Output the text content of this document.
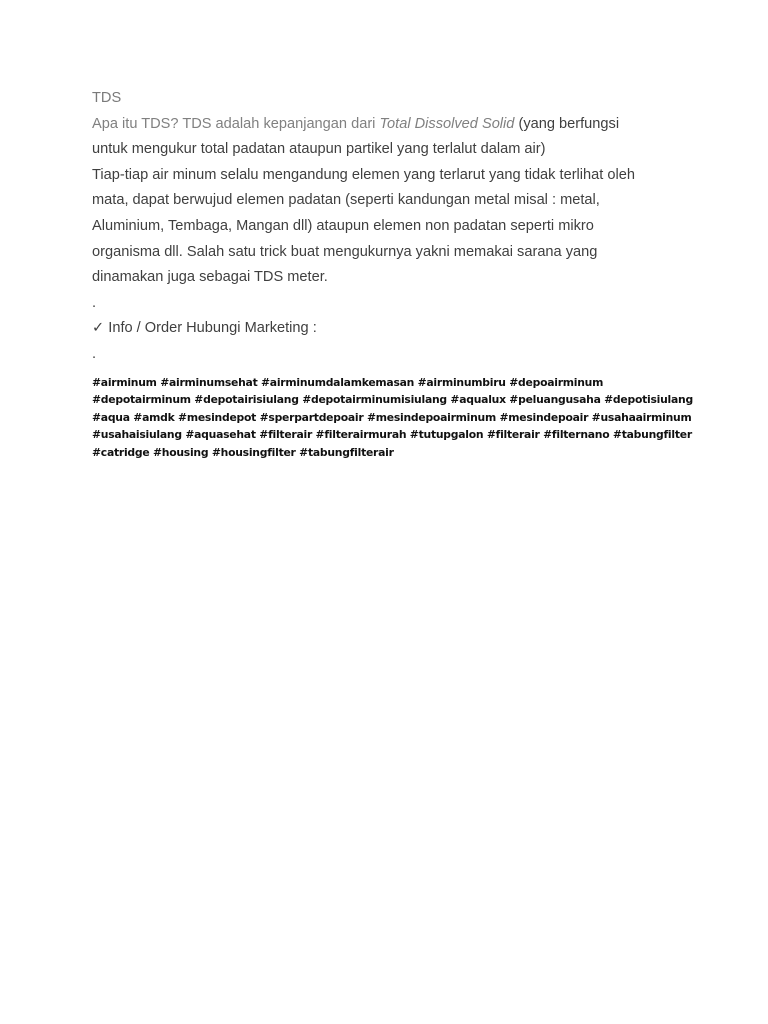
TDS

Apa itu TDS? TDS adalah kepanjangan dari Total Dissolved Solid (yang berfungsi

untuk mengukur total padatan ataupun partikel yang terlalut dalam air)

Tiap-tiap air minum selalu mengandung elemen yang terlarut yang tidak terlihat oleh

mata, dapat berwujud elemen padatan (seperti kandungan metal misal : metal,

Aluminium, Tembaga, Mangan dll) ataupun elemen non padatan seperti mikro

organisma dll. Salah satu trick buat mengukurnya yakni memakai sarana yang

dinamakan juga sebagai TDS meter.

.

✓ Info / Order Hubungi Marketing :

.

#airminum #airminumsehat #airminumdalamkemasan #airminumbiru #depoairminum
#depotairminum #depotairisiulang #depotairminumisiulang #aqualux #peluangusaha #depotisiulang
#aqua #amdk #mesindepot #sperpartdepoair #mesindepoairminum #mesindepoair #usahaairminum
#usahaisiulang #aquasehat #filterair #filterairmurah #tutupgalon #filterair #filternano #tabungfilter
#catridge #housing #housingfilter #tabungfilterair
